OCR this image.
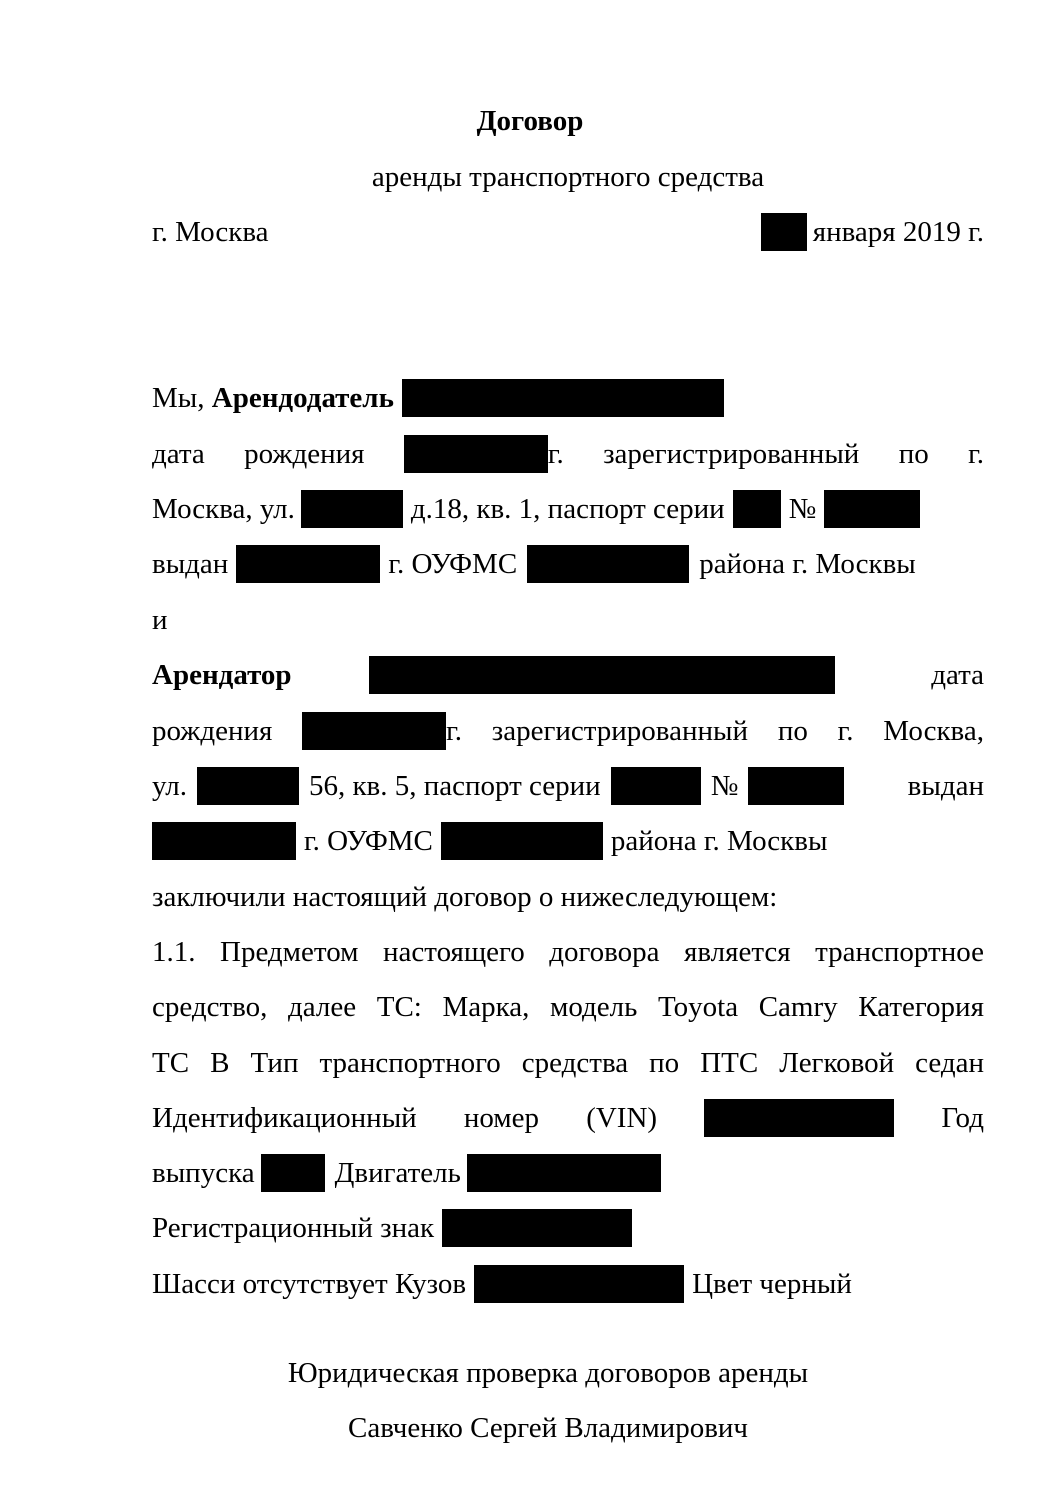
Договор
аренды транспортного средства
г. Москва	января 2019 г.
Мы,
Арендодатель
дата рождения	г. зарегистрированный по г.
Москва, ул.	д.18, кв. 1, паспорт серии №
выдан	г. ОУФМС	района г. Москвы
и
Арендатор	дата
рождения	г. зарегистрированный по г. Москва,
ул.	56, кв. 5, паспорт серии	№	выдан
г. ОУФМС	района г. Москвы
заключили настоящий договор о нижеследующем:
1.1. Предметом настоящего договора является транспортное
средство, далее ТС: Марка, модель Toyota Camry Категория
ТС В Тип транспортного средства по ПТС Легковой седан
Идентификационный номер (VIN)	Год
выпуска	Двигатель
Регистрационный знак
Шасси отсутствует Кузов	Цвет черный
Юридическая проверка договоров аренды
Савченко Сергей Владимирович
